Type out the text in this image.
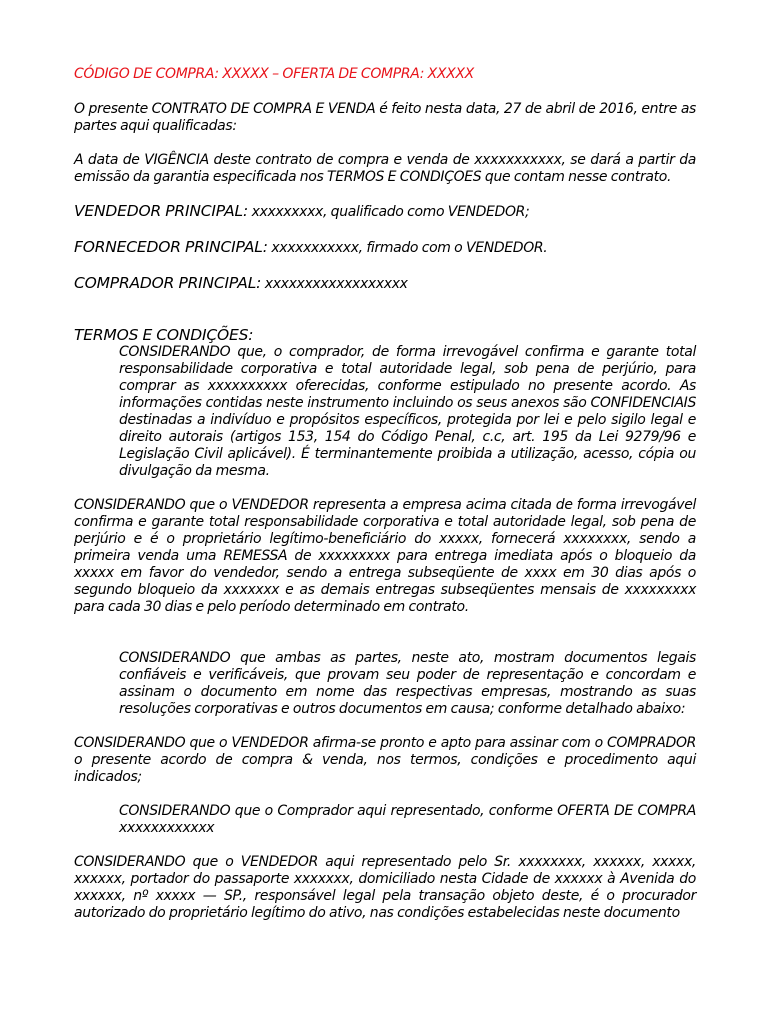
CÓDIGO DE COMPRA: XXXXX – OFERTA DE COMPRA: XXXXX

O presente CONTRATO DE COMPRA E VENDA é feito nesta data, 27 de abril de 2016, entre as partes aqui qualificadas:

A data de VIGÊNCIA deste contrato de compra e venda de xxxxxxxxxxx, se dará a partir da emissão da garantia especificada nos TERMOS E CONDIÇOES que contam nesse contrato.

VENDEDOR PRINCIPAL: xxxxxxxxx, qualificado como VENDEDOR;

FORNECEDOR PRINCIPAL: xxxxxxxxxxx, firmado com o VENDEDOR.

COMPRADOR PRINCIPAL: xxxxxxxxxxxxxxxxxx

TERMOS E CONDIÇÕES:

CONSIDERANDO que, o comprador, de forma irrevogável confirma e garante total responsabilidade corporativa e total autoridade legal, sob pena de perjúrio, para comprar as xxxxxxxxxx oferecidas, conforme estipulado no presente acordo. As informações contidas neste instrumento incluindo os seus anexos são CONFIDENCIAIS destinadas a indivíduo e propósitos específicos, protegida por lei e pelo sigilo legal e direito autorais (artigos 153, 154 do Código Penal, c.c, art. 195 da Lei 9279/96 e Legislação Civil aplicável). É terminantemente proibida a utilização, acesso, cópia ou divulgação da mesma.

CONSIDERANDO que o VENDEDOR representa a empresa acima citada de forma irrevogável confirma e garante total responsabilidade corporativa e total autoridade legal, sob pena de perjúrio e é o proprietário legítimo-beneficiário do xxxxx, fornecerá xxxxxxxx, sendo a primeira venda uma REMESSA de xxxxxxxxx para entrega imediata após o bloqueio da xxxxx em favor do vendedor, sendo a entrega subseqüente de xxxx em 30 dias após o segundo bloqueio da xxxxxxx e as demais entregas subseqüentes mensais de xxxxxxxxx para cada 30 dias e pelo período determinado em contrato.

CONSIDERANDO que ambas as partes, neste ato, mostram documentos legais confiáveis e verificáveis, que provam seu poder de representação e concordam e assinam o documento em nome das respectivas empresas, mostrando as suas resoluções corporativas e outros documentos em causa; conforme detalhado abaixo:

CONSIDERANDO que o VENDEDOR afirma-se pronto e apto para assinar com o COMPRADOR o presente acordo de compra & venda, nos termos, condições e procedimento aqui indicados;

CONSIDERANDO que o Comprador aqui representado, conforme OFERTA DE COMPRA xxxxxxxxxxxx

CONSIDERANDO que o VENDEDOR aqui representado pelo Sr. xxxxxxxx, xxxxxx, xxxxx, xxxxxx, portador do passaporte xxxxxxx, domiciliado nesta Cidade de xxxxxx à Avenida do xxxxxx, nº xxxxx — SP., responsável legal pela transação objeto deste, é o procurador autorizado do proprietário legítimo do ativo, nas condições estabelecidas neste documento
